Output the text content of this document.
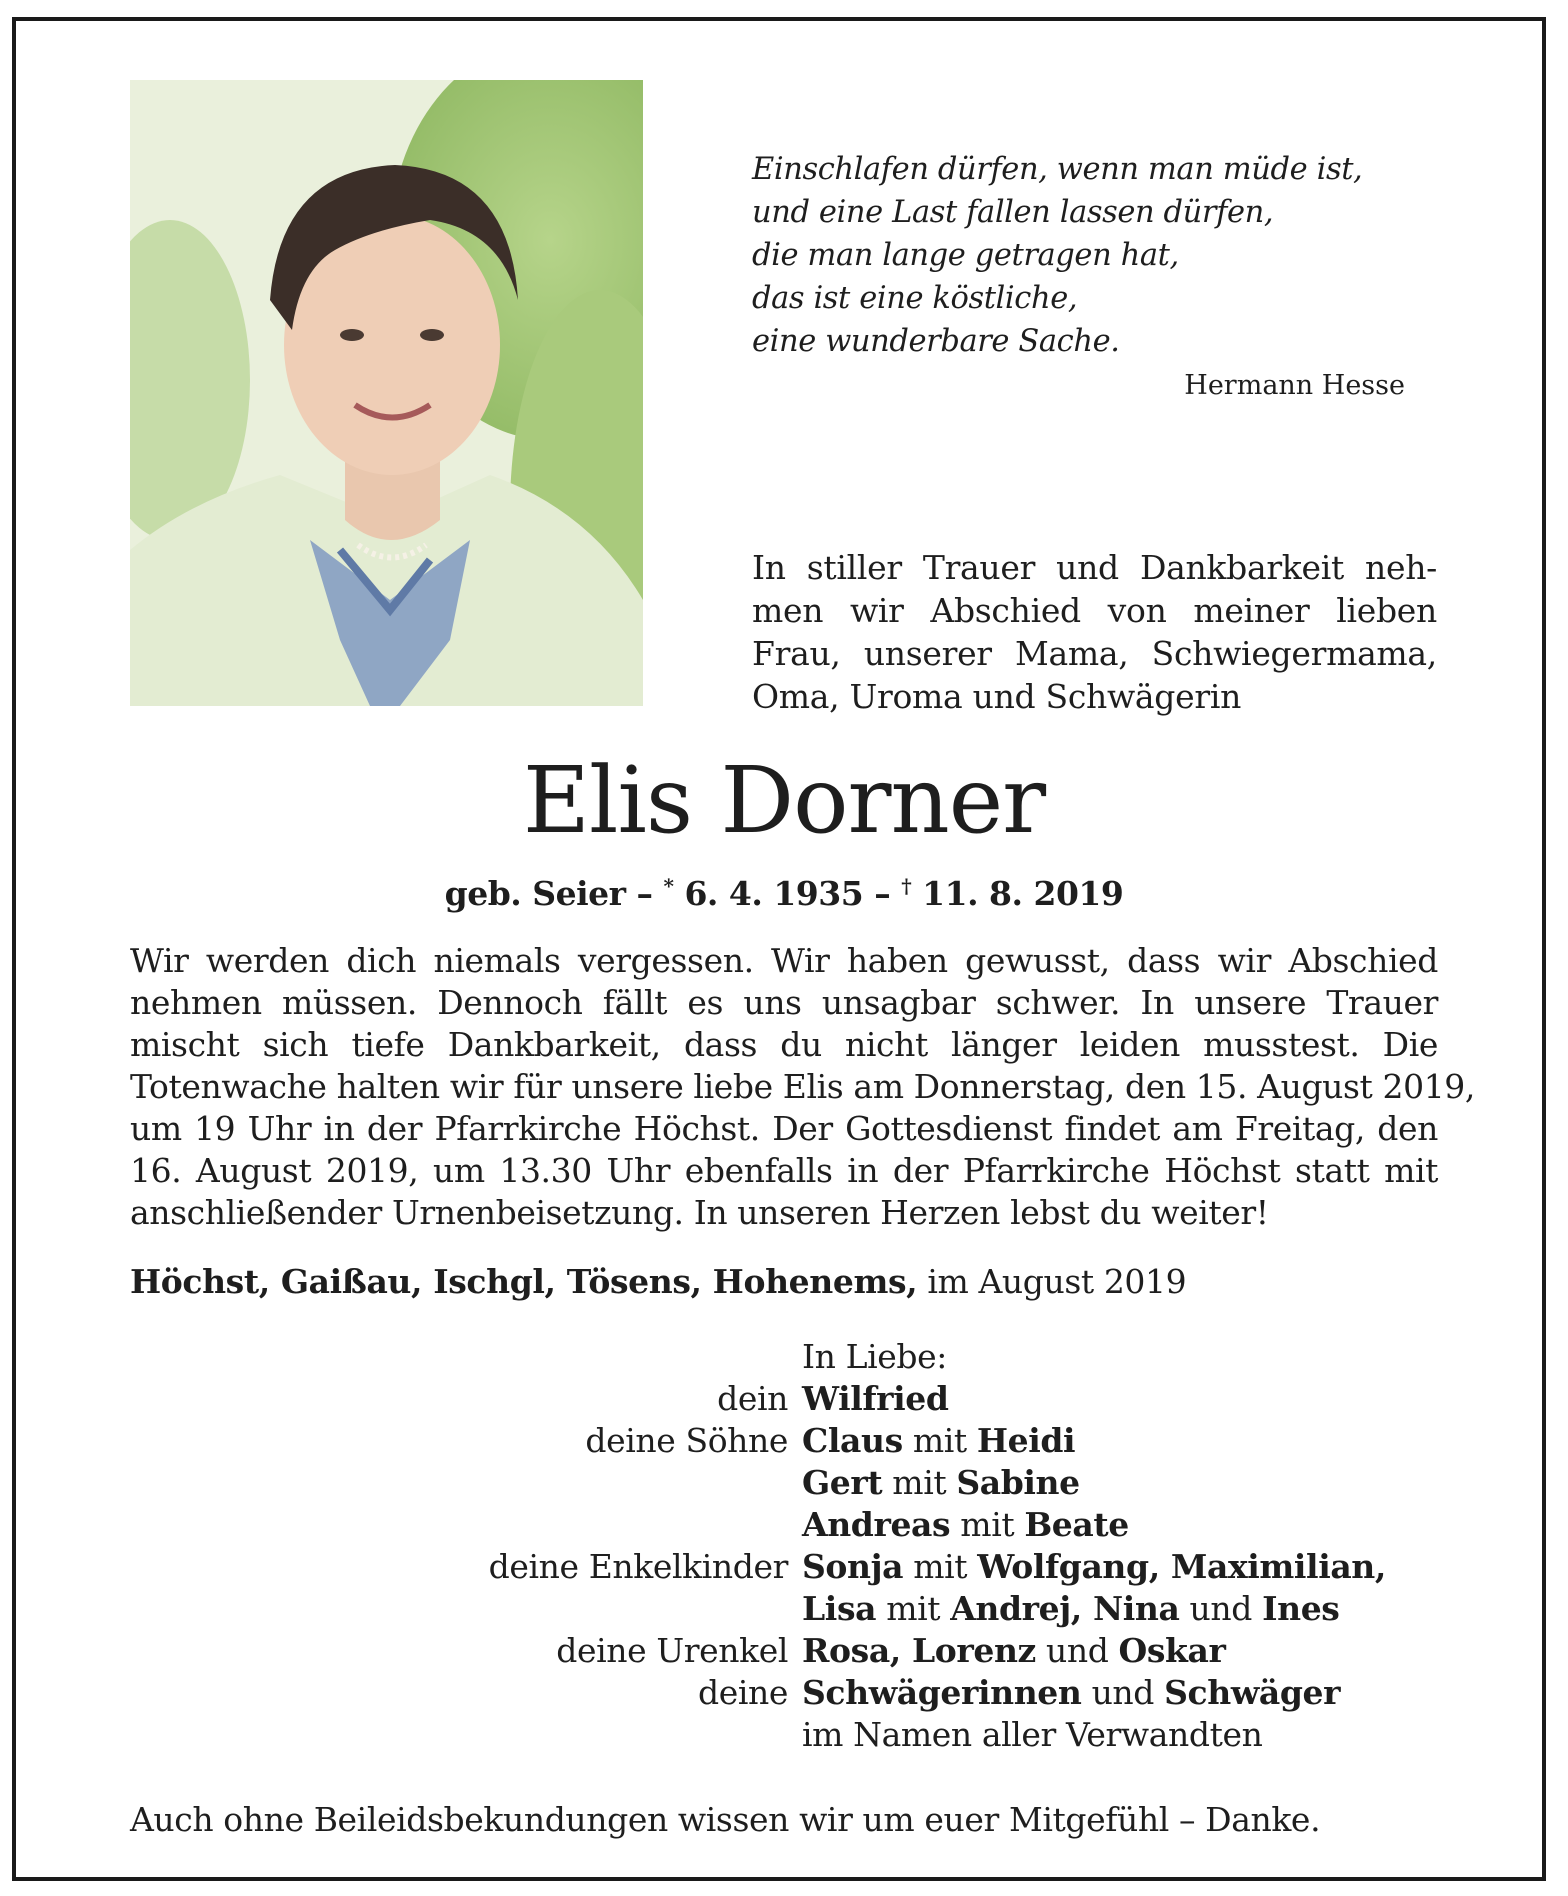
Einschlafen dürfen, wenn man müde ist,
und eine Last fallen lassen dürfen,
die man lange getragen hat,
das ist eine köstliche,
eine wunderbare Sache.
Hermann Hesse
In stiller Trauer und Dankbarkeit neh-
men wir Abschied von meiner lieben
Frau, unserer Mama, Schwiegermama,
Oma, Uroma und Schwägerin
Elis Dorner
geb. Seier – * 6. 4. 1935 – † 11. 8. 2019
Wir werden dich niemals vergessen. Wir haben gewusst, dass wir Abschied
nehmen müssen. Dennoch fällt es uns unsagbar schwer. In unsere Trauer
mischt sich tiefe Dankbarkeit, dass du nicht länger leiden musstest. Die
Totenwache halten wir für unsere liebe Elis am Donnerstag, den 15. August 2019,
um 19 Uhr in der Pfarrkirche Höchst. Der Gottesdienst findet am Freitag, den
16. August 2019, um 13.30 Uhr ebenfalls in der Pfarrkirche Höchst statt mit
anschließender Urnenbeisetzung. In unseren Herzen lebst du weiter!
Höchst, Gaißau, Ischgl, Tösens, Hohenems, im August 2019
In Liebe:
dein Wilfried
deine Söhne Claus mit Heidi
Gert mit Sabine
Andreas mit Beate
deine Enkelkinder Sonja mit Wolfgang, Maximilian,
Lisa mit Andrej, Nina und Ines
deine Urenkel Rosa, Lorenz und Oskar
deine Schwägerinnen und Schwäger
im Namen aller Verwandten
Auch ohne Beileidsbekundungen wissen wir um euer Mitgefühl – Danke.
